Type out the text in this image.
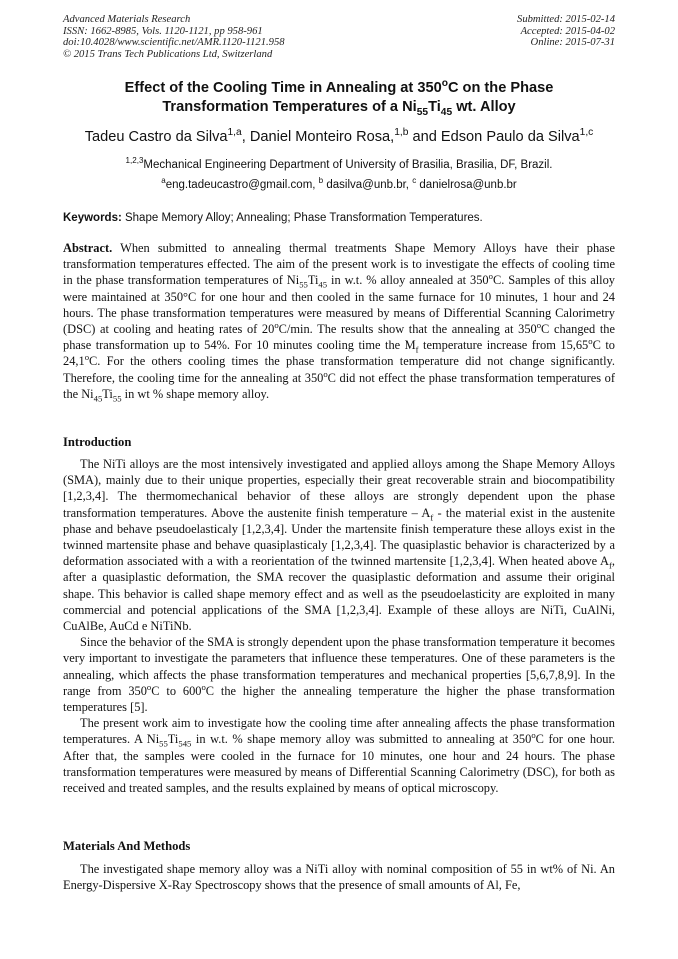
Advanced Materials Research
ISSN: 1662-8985, Vols. 1120-1121, pp 958-961
doi:10.4028/www.scientific.net/AMR.1120-1121.958
© 2015 Trans Tech Publications Ltd, Switzerland
Submitted: 2015-02-14
Accepted: 2015-04-02
Online: 2015-07-31
Effect of the Cooling Time in Annealing at 350$^o$C on the Phase
Transformation Temperatures of a $Ni_{55}Ti_{45}$ wt. Alloy
Tadeu Castro da Silva$^{1,a}$, Daniel Monteiro Rosa,$^{1,b}$ and Edson Paulo da Silva$^{1,c}$
$^{1,2,3}$Mechanical Engineering Department of University of Brasilia, Brasilia, DF, Brazil.
$^a$eng.tadeucastro@gmail.com, $^b$ dasilva@unb.br, $^c$ danielrosa@unb.br
Keywords: Shape Memory Alloy; Annealing; Phase Transformation Temperatures.

Abstract. When submitted to annealing thermal treatments Shape Memory Alloys have their phase transformation temperatures effected. The aim of the present work is to investigate the effects of cooling time in the phase transformation temperatures of $Ni_{55}Ti_{45}$ in w.t. % alloy annealed at 350$^o$C. Samples of this alloy were maintained at 350°C for one hour and then cooled in the same furnace for 10 minutes, 1 hour and 24 hours. The phase transformation temperatures were measured by means of Differential Scanning Calorimetry (DSC) at cooling and heating rates of 20$^o$C/min. The results show that the annealing at 350$^o$C changed the phase transformation up to 54%. For 10 minutes cooling time the $M_f$ temperature increase from 15,65$^o$C to 24,1$^o$C. For the others cooling times the phase transformation temperature did not change significantly. Therefore, the cooling time for the annealing at 350$^o$C did not effect the phase transformation temperatures of the $Ni_{45}Ti_{55}$ in wt % shape memory alloy.

Introduction

The NiTi alloys are the most intensively investigated and applied alloys among the Shape Memory Alloys (SMA), mainly due to their unique properties, especially their great recoverable strain and biocompatibility [1,2,3,4]. The thermomechanical behavior of these alloys are strongly dependent upon the phase transformation temperatures. Above the austenite finish temperature – $A_f$ - the material exist in the austenite phase and behave pseudoelasticaly [1,2,3,4]. Under the martensite finish temperature these alloys exist in the twinned martensite phase and behave quasiplasticaly [1,2,3,4]. The quasiplastic behavior is characterized by a deformation associated with a with a reorientation of the twinned martensite [1,2,3,4]. When heated above $A_f$, after a quasiplastic deformation, the SMA recover the quasiplastic deformation and assume their original shape. This behavior is called shape memory effect and as well as the pseudoelasticity are exploited in many commercial and potencial applications of the SMA [1,2,3,4]. Example of these alloys are NiTi, CuAlNi, CuAlBe, AuCd e NiTiNb.

Since the behavior of the SMA is strongly dependent upon the phase transformation temperature it becomes very important to investigate the parameters that influence these temperatures. One of these parameters is the annealing, which affects the phase transformation temperatures and mechanical properties [5,6,7,8,9]. In the range from 350$^o$C to 600$^o$C the higher the annealing temperature the higher the phase transformation temperatures [5].

The present work aim to investigate how the cooling time after annealing affects the phase transformation temperatures. A $Ni_{55}Ti_{545}$ in w.t. % shape memory alloy was submitted to annealing at 350$^o$C for one hour. After that, the samples were cooled in the furnace for 10 minutes, one hour and 24 hours. The phase transformation temperatures were measured by means of Differential Scanning Calorimetry (DSC), for both as received and treated samples, and the results explained by means of optical microscopy.

Materials And Methods

The investigated shape memory alloy was a NiTi alloy with nominal composition of 55 in wt% of Ni. An Energy-Dispersive X-Ray Spectroscopy shows that the presence of small amounts of Al, Fe,
